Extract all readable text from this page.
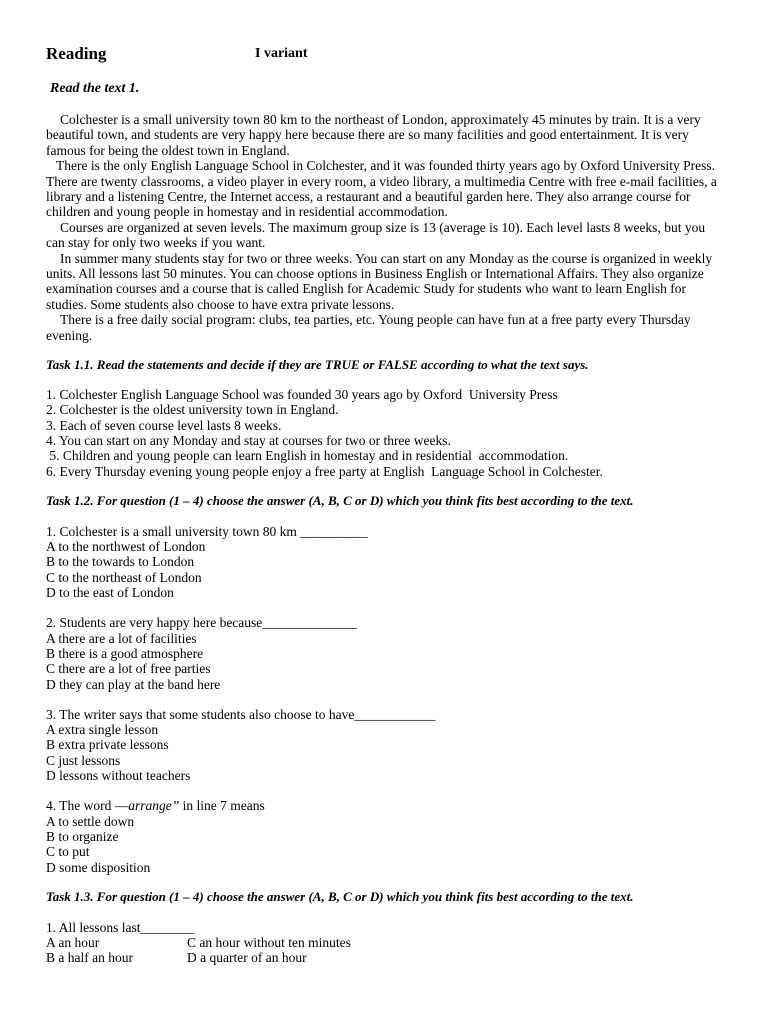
Reading	I variant
Read the text 1.

Colchester is a small university town 80 km to the northeast of London, approximately 45 minutes by train. It is a very beautiful town, and students are very happy here because there are so many facilities and good entertainment. It is very famous for being the oldest town in England.

There is the only English Language School in Colchester, and it was founded thirty years ago by Oxford University Press. There are twenty classrooms, a video player in every room, a video library, a multimedia Centre with free e-mail facilities, a library and a listening Centre, the Internet access, a restaurant and a beautiful garden here. They also arrange course for children and young people in homestay and in residential accommodation.

Courses are organized at seven levels. The maximum group size is 13 (average is 10). Each level lasts 8 weeks, but you can stay for only two weeks if you want.

In summer many students stay for two or three weeks. You can start on any Monday as the course is organized in weekly units. All lessons last 50 minutes. You can choose options in Business English or International Affairs. They also organize examination courses and a course that is called English for Academic Study for students who want to learn English for studies. Some students also choose to have extra private lessons.

There is a free daily social program: clubs, tea parties, etc. Young people can have fun at a free party every Thursday evening.

Task 1.1. Read the statements and decide if they are TRUE or FALSE according to what the text says.
1. Colchester English Language School was founded 30 years ago by Oxford  University Press
2. Colchester is the oldest university town in England.
3. Each of seven course level lasts 8 weeks.
4. You can start on any Monday and stay at courses for two or three weeks.
5. Children and young people can learn English in homestay and in residential  accommodation.
6. Every Thursday evening young people enjoy a free party at English  Language School in Colchester.
Task 1.2. For question (1 – 4) choose the answer (A, B, C or D) which you think fits best according to the text.
1. Colchester is a small university town 80 km __________
A to the northwest of London
B to the towards to London
C to the northeast of London
D to the east of London
2. Students are very happy here because______________
A there are a lot of facilities
B there is a good atmosphere
C there are a lot of free parties
D they can play at the band here
3. The writer says that some students also choose to have____________
A extra single lesson
B extra private lessons
C just lessons
D lessons without teachers
4. The word ―arrange” in line 7 means
A to settle down
B to organize
C to put
D some disposition
Task 1.3. For question (1 – 4) choose the answer (A, B, C or D) which you think fits best according to the text.
1. All lessons last________
A an hour	C an hour without ten minutes
B a half an hour	D a quarter of an hour
